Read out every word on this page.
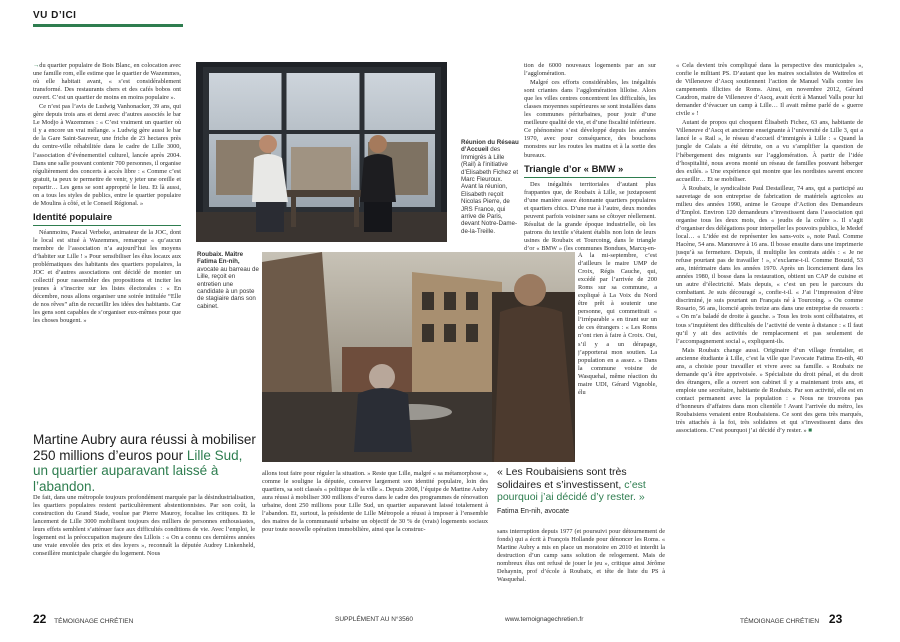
VU D’ICI

→du quartier populaire de Bois Blanc, en colocation avec une famille rom, elle estime que le quartier de Wazemmes, où elle habitait avant, « s’est considérablement transformé. Des restaurants chers et des cafés bobos ont ouvert. C’est un quartier de moins en moins populaire ».

Ce n’est pas l’avis de Ludwig Vanhonacker, 39 ans, qui gère depuis trois ans et demi avec d’autres associés le bar Le Modjo à Wazemmes : « C’est vraiment un quartier où il y a encore un vrai mélange. » Ludwig gère aussi le bar de la Gare Saint-Sauveur, une friche de 23 hectares près du centre-ville réhabilitée dans le cadre de Lille 3000, l’association d’événementiel culturel, lancée après 2004. Dans une salle pouvant contenir 700 personnes, il organise régulièrement des concerts à accès libre : « Comme c’est gratuit, ta peux te permettre de venir, y jeter une oreille et repartir… Les gens se sont approprié le lieu. Et là aussi, on a tous les styles de publics, entre le quartier populaire de Moulins à côté, et le Conseil Régional. »

Identité populaire

Néanmoins, Pascal Verbeke, animateur de la JOC, dont le local est situé à Wazemmes, remarque « qu’aucun membre de l’association n’a aujourd’hui les moyens d’habiter sur Lille ! » Pour sensibiliser les élus locaux aux problématiques des habitants des quartiers populaires, la JOC et d’autres associations ont décidé de monter un collectif pour rassembler des propositions et inciter les jeunes à s’inscrire sur les listes électorales : « En décembre, nous allons organiser une soirée intitulée “Elle de nos rêves” afin de recueillir les idées des habitants. Car les gens sont capables de s’organiser eux-mêmes pour que les choses bougent. »

Roubaix. Maître Fatima En-nih, avocate au barreau de Lille, reçoit en entretien une candidate à un poste de stagiaire dans son cabinet.
Réunion du Réseau d’Accueil des Immigrés à Lille (Rail) à l’initiative d’Elisabeth Fichez et Marc Fleuroux. Avant la réunion, Elisabeth reçoit Nicolas Pierre, de JRS France, qui arrive de Paris, devant Notre-Dame-de-la-Treille.

tion de 6000 nouveaux logements par an sur l’agglomération.

Malgré ces efforts considérables, les inégalités sont criantes dans l’agglomération lilloise. Alors que les villes centres concentrent les difficultés, les classes moyennes supérieures se sont installées dans les communes périurbaines, pour jouir d’une meilleure qualité de vie, et d’une fiscalité inférieure. Ce phénomène s’est développé depuis les années 1970, avec pour conséquence, des bouchons monstres sur les routes les matins et à la sortie des bureaux.

Triangle d’or « BMW »

Des inégalités territoriales d’autant plus frappantes que, de Roubaix à Lille, se juxtaposent d’une manière assez étonnante quartiers populaires et quartiers chics. D’une rue à l’autre, deux mondes peuvent parfois voisiner sans se côtoyer réellement. Résultat de la grande époque industrielle, où les patrons du textile s’étaient établis non loin de leurs usines de Roubaix et Tourcoing, dans le triangle d’or « BMW » (les communes Bondues, Marcq-en-

À la mi-septembre, c’est d’ailleurs le maire UMP de Croix, Régis Cauche, qui, excédé par l’arrivée de 200 Roms sur sa commune, a expliqué à La Voix du Nord être prêt à soutenir une personne, qui commettrait « l’irréparable » en tirant sur un de ces étrangers : « Les Roms n’ont rien à faire à Croix. Oui, s’il y a un dérapage, j’apporterai mon soutien. La population en a assez. » Dans la commune voisine de Wasquehal, même réaction du maire UDI, Gérard Vignoble, élu

« Cela devient très compliqué dans la perspective des municipales », confie le militant PS. D’autant que les maires socialistes de Wattrelos et de Villeneuve d’Ascq soutiennent l’action de Manuel Valls contre les campements illicites de Roms. Ainsi, en novembre 2012, Gérard Caudron, maire de Villeneuve d’Ascq, avait écrit à Manuel Valls pour lui demander d’évacuer un camp à Lille… Il avait même parlé de « guerre civile » !

Autant de propos qui choquent Élisabeth Fichez, 63 ans, habitante de Villeneuve d’Ascq et ancienne enseignante à l’université de Lille 3, qui a lancé le « Rail », le réseau d’accueil d’immigrés à Lille : « Quand la jungle de Calais a été détruite, on a vu s’amplifier la question de l’hébergement des migrants sur l’agglomération. À partir de l’idée d’hospitalité, nous avons monté un réseau de familles pouvant héberger des exilés. » Une expérience qui montre que les nordistes savent encore accueillir… Et se mobiliser.

À Roubaix, le syndicaliste Paul Destailleur, 74 ans, qui a participé au sauvetage de son entreprise de fabrication de matériels agricoles au milieu des années 1990, anime le Groupe d’Action des Demandeurs d’Emploi. Environ 120 demandeurs s’investissent dans l’association qui organise tous les deux mois, des « jeudis de la colère ». Il s’agit d’organiser des délégations pour interpeller les pouvoirs publics, le Medef local… « L’idée est de représenter les sans-voix », note Paul. Comme Hacène, 54 ans. Manœuvre à 16 ans. Il bosse ensuite dans une imprimerie jusqu’à sa fermeture. Depuis, il multiplie les contrats aidés : « Je ne refuse pourtant pas de travailler ! », s’exclame-t-il. Comme Bouzid, 53 ans, intérimaire dans les années 1970. Après un licenciement dans les années 1980, il bosse dans la restauration, obtient un CAP de cuisine et un autre d’électricité. Mais depuis, « c’est un peu le parcours du combattant. Je suis découragé », confie-t-il. « J’ai l’impression d’être discriminé, je suis pourtant un Français né à Tourcoing. » Ou comme Rosario, 56 ans, licencié après treize ans dans une entreprise de ressorts : « On m’a baladé de droite à gauche. » Tous les trois sont célibataires, et tous s’inquiètent des difficultés de l’activité de vente à distance : « Il faut qu’il y ait des activités de remplacement et pas seulement de l’accompagnement social », expliquent-ils.

Mais Roubaix change aussi. Originaire d’un village frontalier, et ancienne étudiante à Lille, c’est la ville que l’avocate Fatima En-nih, 40 ans, a choisie pour travailler et vivre avec sa famille. « Roubaix ne demande qu’à être apprivoisée. » Spécialiste du droit pénal, et du droit des étrangers, elle a ouvert son cabinet il y a maintenant trois ans, et emploie une secrétaire, habitante de Roubaix. Par son activité, elle est en contact permanent avec la population : « Nous ne trouvons pas d’honneurs d’affaires dans mon clientèle ! Avant l’arrivée du métro, les Roubaisiens venaient entre Roubaisiens. Ce sont des gens très marqués, très attachés à la foi, très solidaires et qui s’investissent dans des associations. C’est pourquoi j’ai décidé d’y rester. » ■

Martine Aubry aura réussi à mobiliser 250 millions d’euros pour Lille Sud, un quartier auparavant laissé à l’abandon.

De fait, dans une métropole toujours profondément marquée par la désindustrialisation, les quartiers populaires restent particulièrement abstentionnistes. Par son coût, la construction du Grand Stade, voulue par Pierre Mauroy, focalise les critiques. Et le lancement de Lille 3000 mobilisent toujours des milliers de personnes enthousiastes, leurs effets semblent s’atténuer face aux difficultés conditions de vie. Avec l’emploi, le logement est la préoccupation majeure des Lillois : « On a connu ces dernières années une vraie envolée des prix et des loyers », reconnaît la députée Audrey Linkenheld, conseillère municipale chargée du logement. Nous

allons tout faire pour réguler la situation. » Reste que Lille, malgré « sa métamorphose », comme le souligne la députée, conserve largement son identité populaire, loin des quartiers, sa soit classés « politique de la ville ». Depuis 2008, l’équipe de Martine Aubry aura réussi à mobiliser 300 millions d’euros dans le cadre des programmes de rénovation urbaine, dont 250 millions pour Lille Sud, un quartier auparavant laissé totalement à l’abandon. Et, surtout, la présidente de Lille Métropole a réussi à imposer à l’ensemble des maires de la communauté urbaine un objectif de 30 % de (vrais) logements sociaux pour toute nouvelle opération immobilière, ainsi que la construc-

« Les Roubaisiens sont très solidaires et s’investissent, c’est pourquoi j’ai décidé d’y rester. » Fatima En-nih, avocate

sans interruption depuis 1977 (et poursuivi pour détournement de fonds) qui a écrit à François Hollande pour dénoncer les Roms. « Martine Aubry a mis en place un moratoire en 2010 et interdit la destruction d’un camp sans solution de relogement. Mais de nombreux élus ont refusé de jouer le jeu », critique ainsi Jérôme Dehaynin, prof d’école à Roubaix, et tête de liste du PS à Wasquehal.

22 TÉMOIGNAGE CHRÉTIEN	SUPPLÉMENT AU N°3560	www.temoignagechretien.fr	TÉMOIGNAGE CHRÉTIEN 23
